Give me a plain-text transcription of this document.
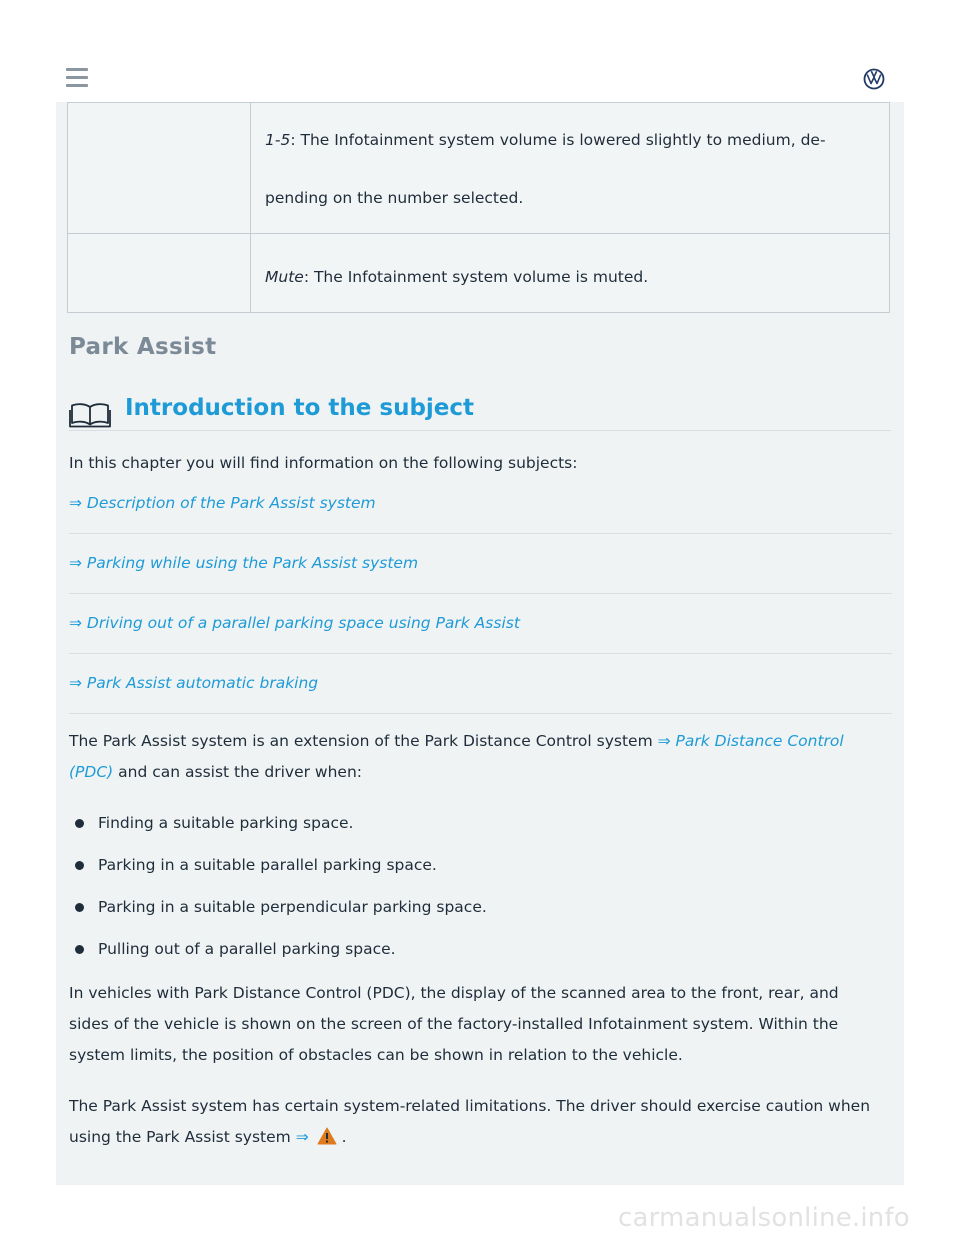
	1-5: The Infotainment system volume is lowered slightly to medium, de-pending on the number selected.

	Mute: The Infotainment system volume is muted.
Park Assist
Introduction to the subject
In this chapter you will find information on the following subjects:
⇒ Description of the Park Assist system
⇒ Parking while using the Park Assist system
⇒ Driving out of a parallel parking space using Park Assist
⇒ Park Assist automatic braking
The Park Assist system is an extension of the Park Distance Control system ⇒ Park Distance Control (PDC) and can assist the driver when:
Finding a suitable parking space.
Parking in a suitable parallel parking space.
Parking in a suitable perpendicular parking space.
Pulling out of a parallel parking space.
In vehicles with Park Distance Control (PDC), the display of the scanned area to the front, rear, and sides of the vehicle is shown on the screen of the factory-installed Infotainment system. Within the system limits, the position of obstacles can be shown in relation to the vehicle.
The Park Assist system has certain system-related limitations. The driver should exercise caution when using the Park Assist system ⇒ .
carmanualsonline.info
